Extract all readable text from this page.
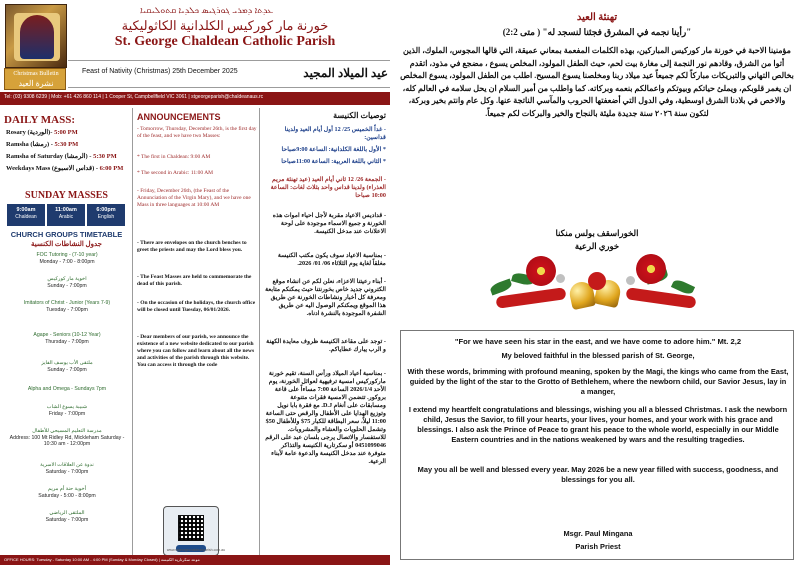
ܥܕܬܐ ܕܡܪܝ ܓܘܪܓܝܣ ܟܠܕܝܐ ܩܬܘܠܝܩܝܐ
خورنة مار كوركيس الكلدانية الكاثوليكية
St. George Chaldean Catholic Parish
Christmas Bulletin
نشرة العيد
Feast of Nativity (Christmas) 25th December 2025	عيد الميلاد المجيد
Tel: (03) 9308 6239 | Mob: +61 426 860 114 | 1 Cooper St, Campbellfield VIC 3061 | stgeorgeparish@chaldeanaus.rc
DAILY MASS:
Rosary (الوردية)- 5:00 PM
Ramsha (رمشا) - 5:30 PM
Ramsha of Saturday (الرمشا) - 5:30 PM
Weekdays Mass (قداس الاسبوع) - 6:00 PM
SUNDAY MASSES
9:00am
Chaldean
11:00am
Arabic
6:00pm
English
CHURCH GROUPS TIMETABLE
جدول النشاطات الكنسية
FOC Tutoring - (7-10 year)
Monday - 7:00 - 8:00pm
اخوية مار كوركيس
Sunday - 7:00pm
Imitators of Christ - Junior (Years 7-9)
Tuesday - 7:00pm
Agape - Seniors (10-12 Year)
Thursday - 7:00pm
ملتقى الأب يوسف الفايز
Sunday - 7:00pm
Alpha and Omega - Sundays 7pm
شبيبة يسوع الشاب
Friday - 7:00pm
مدرسة التعليم المسيحي للأطفال
Address: 100 Mt Ridley Rd, Mickleham Saturday - 10:30 am - 12:00pm
ندوة عن العلاقات الاسرية
Saturday - 7:00pm
أخوية حنة أم مريم
Saturday - 5:00 - 8:00pm
الملتقى الرياضي
Saturday - 7:00pm
ANNOUNCEMENTS
- Tomorrow, Thursday, December 26th, is the first day of the feast, and we have two Masses:
* The first in Chaldean: 9:00 AM
* The second in Arabic: 11:00 AM
- Friday, December 26th, (the Feast of the Annunciation of the Virgin Mary), and we have one Mass in three languages at 10:00 AM
- There are envelopes on the church benches to greet the priests and may the Lord bless you.
- The Feast Masses are held to commemorate the dead of this parish.
- On the occasion of the holidays, the church office will be closed until Tuesday, 06/01/2026.
- Dear members of our parish, we announce the existence of a new website dedicated to our parish where you can follow and learn about all the news and activities of the parish through this website. You can access it through the code
www.stgeorgechaldeanparish.com.au
توصيات الكنيسة
- غداً الخميس 25/ 12 أول أيام العيد ولدينا قداسين:
* الأول باللغة الكلدانية: الساعة 9:00صباحا
* الثاني باللغة العربية: الساعة 11:00صباحا
- الجمعة 26/ 12 ثاني أيام العيد (عيد تهنئة مريم العذراء) ولدينا قداس واحد بثلاث لغات: الساعة 10:00 صباحا
- قداديس الاعياد مقربة لأجل احياء اموات هذه الخورنة و جميع الاسماء موجودة على لوحة الاعلانات عند مدخل الكنيسة.
- بمناسبة الاعياد سوف يكون مكتب الكنيسة مغلقاً لغاية يوم الثلاثاء 06/ 01/ 2026.
- أبناء رعيتنا الاعزاء، نعلن لكم عن انشاء موقع الكتروني جديد خاص بخورنتنا حيث يمكنكم متابعة ومعرفة كل أخبار ونشاطات الخورنة عن طريق هذا الموقع ويمكنكم الوصول اليه عن طريق الشفرة الموجودة بالنشرة ادناه.
- توجد على مقاعد الكنيسة ظروف معايدة الكهنة و الرب يبارك عطاياكم.
- بمناسبة أعياد الميلاد ورأس السنة، تقيم خورنة ماركوركيس امسية ترفيهية لعوائل الخورنة، يوم الأحد 2026/1/4 الساعة 7:00 مساءاً على قاعة بروكور. تتضمن الامسية فقرات متنوعة ومسابقات على أنغام D.J. مع فقرة بابا نويل وتوزيع الهدايا على الأطفال والرقص حتى الساعة 11:00 ليلاً، سعر البطاقة للكبار 75$ وللأطفال 50$ وتشمل الحلويات والعشاء والمشروبات. للاستفسار والاتصال يرجى بلسان عبد على الرقم 0451099046 أو سكرتارية الكنيسة والتذاكر متوفرة عند مدخل الكنيسة والدعوة عامة لأبناء الرعية.
OFFICE HOURS: Tuesday - Saturday 10:00 AM - 4:00 PM (Sunday & Monday Closed) | موعد سكرتارية الكنيسة
تهنئة العيد
رأينا نجمه في المشرق فجئنا لنسجد له" ( متى 2:2)"
مؤمنينا الاحبة في خورنة مار كوركيس المباركين، بهذه الكلمات المفعمة بمعاني عميقة، التي قالها المجوس، الملوك، الذين أتوا من الشرق، وقادهم نور النجمة إلى مغارة بيت لحم، حيث الطفل المولود، المخلص يسوع ، مضجع في مذود، اتقدم بخالص التهاني والتبريكات مباركاً لكم جميعاً عيد ميلاد ربنا ومخلصنا يسوع المسيح. اطلب من الطفل المولود، يسوع المخلص ان يغمر قلوبكم، ويملئ حياتكم وبيوتكم واعمالكم بنعمه وبركاته. كما واطلب من أمير السلام ان يحل سلامه في العالم كله، والاخص في بلادنا الشرق اوسطية، وفي الدول التي أضعفتها الحروب والمآسي الناتجة عنها. وكل عام وانتم بخير وبركة، لتكون سنة ٢٠٢٦ سنة جديدة مليئة بالنجاح والخير والبركات لكم جميعاً.
الخوراسقف بولس منكنا
خوري الرعية
"For we have seen his star in the east, and we have come to adore him." Mt. 2,2
My beloved faithful in the blessed parish of St. George,
With these words, brimming with profound meaning, spoken by the Magi, the kings who came from the East, guided by the light of the star to the Grotto of Bethlehem, where the newborn child, our Savior Jesus, lay in a manger,
I extend my heartfelt congratulations and blessings, wishing you all a blessed Christmas. I ask the newborn child, Jesus the Savior, to fill your hearts, your lives, your homes, and your work with his grace and blessings. I also ask the Prince of Peace to grant his peace to the whole world, especially in our Middle Eastern countries and in the nations weakened by wars and the resulting tragedies.
May you all be well and blessed every year. May 2026 be a new year filled with success, goodness, and blessings for you all.
Msgr. Paul Mingana
Parish Priest
